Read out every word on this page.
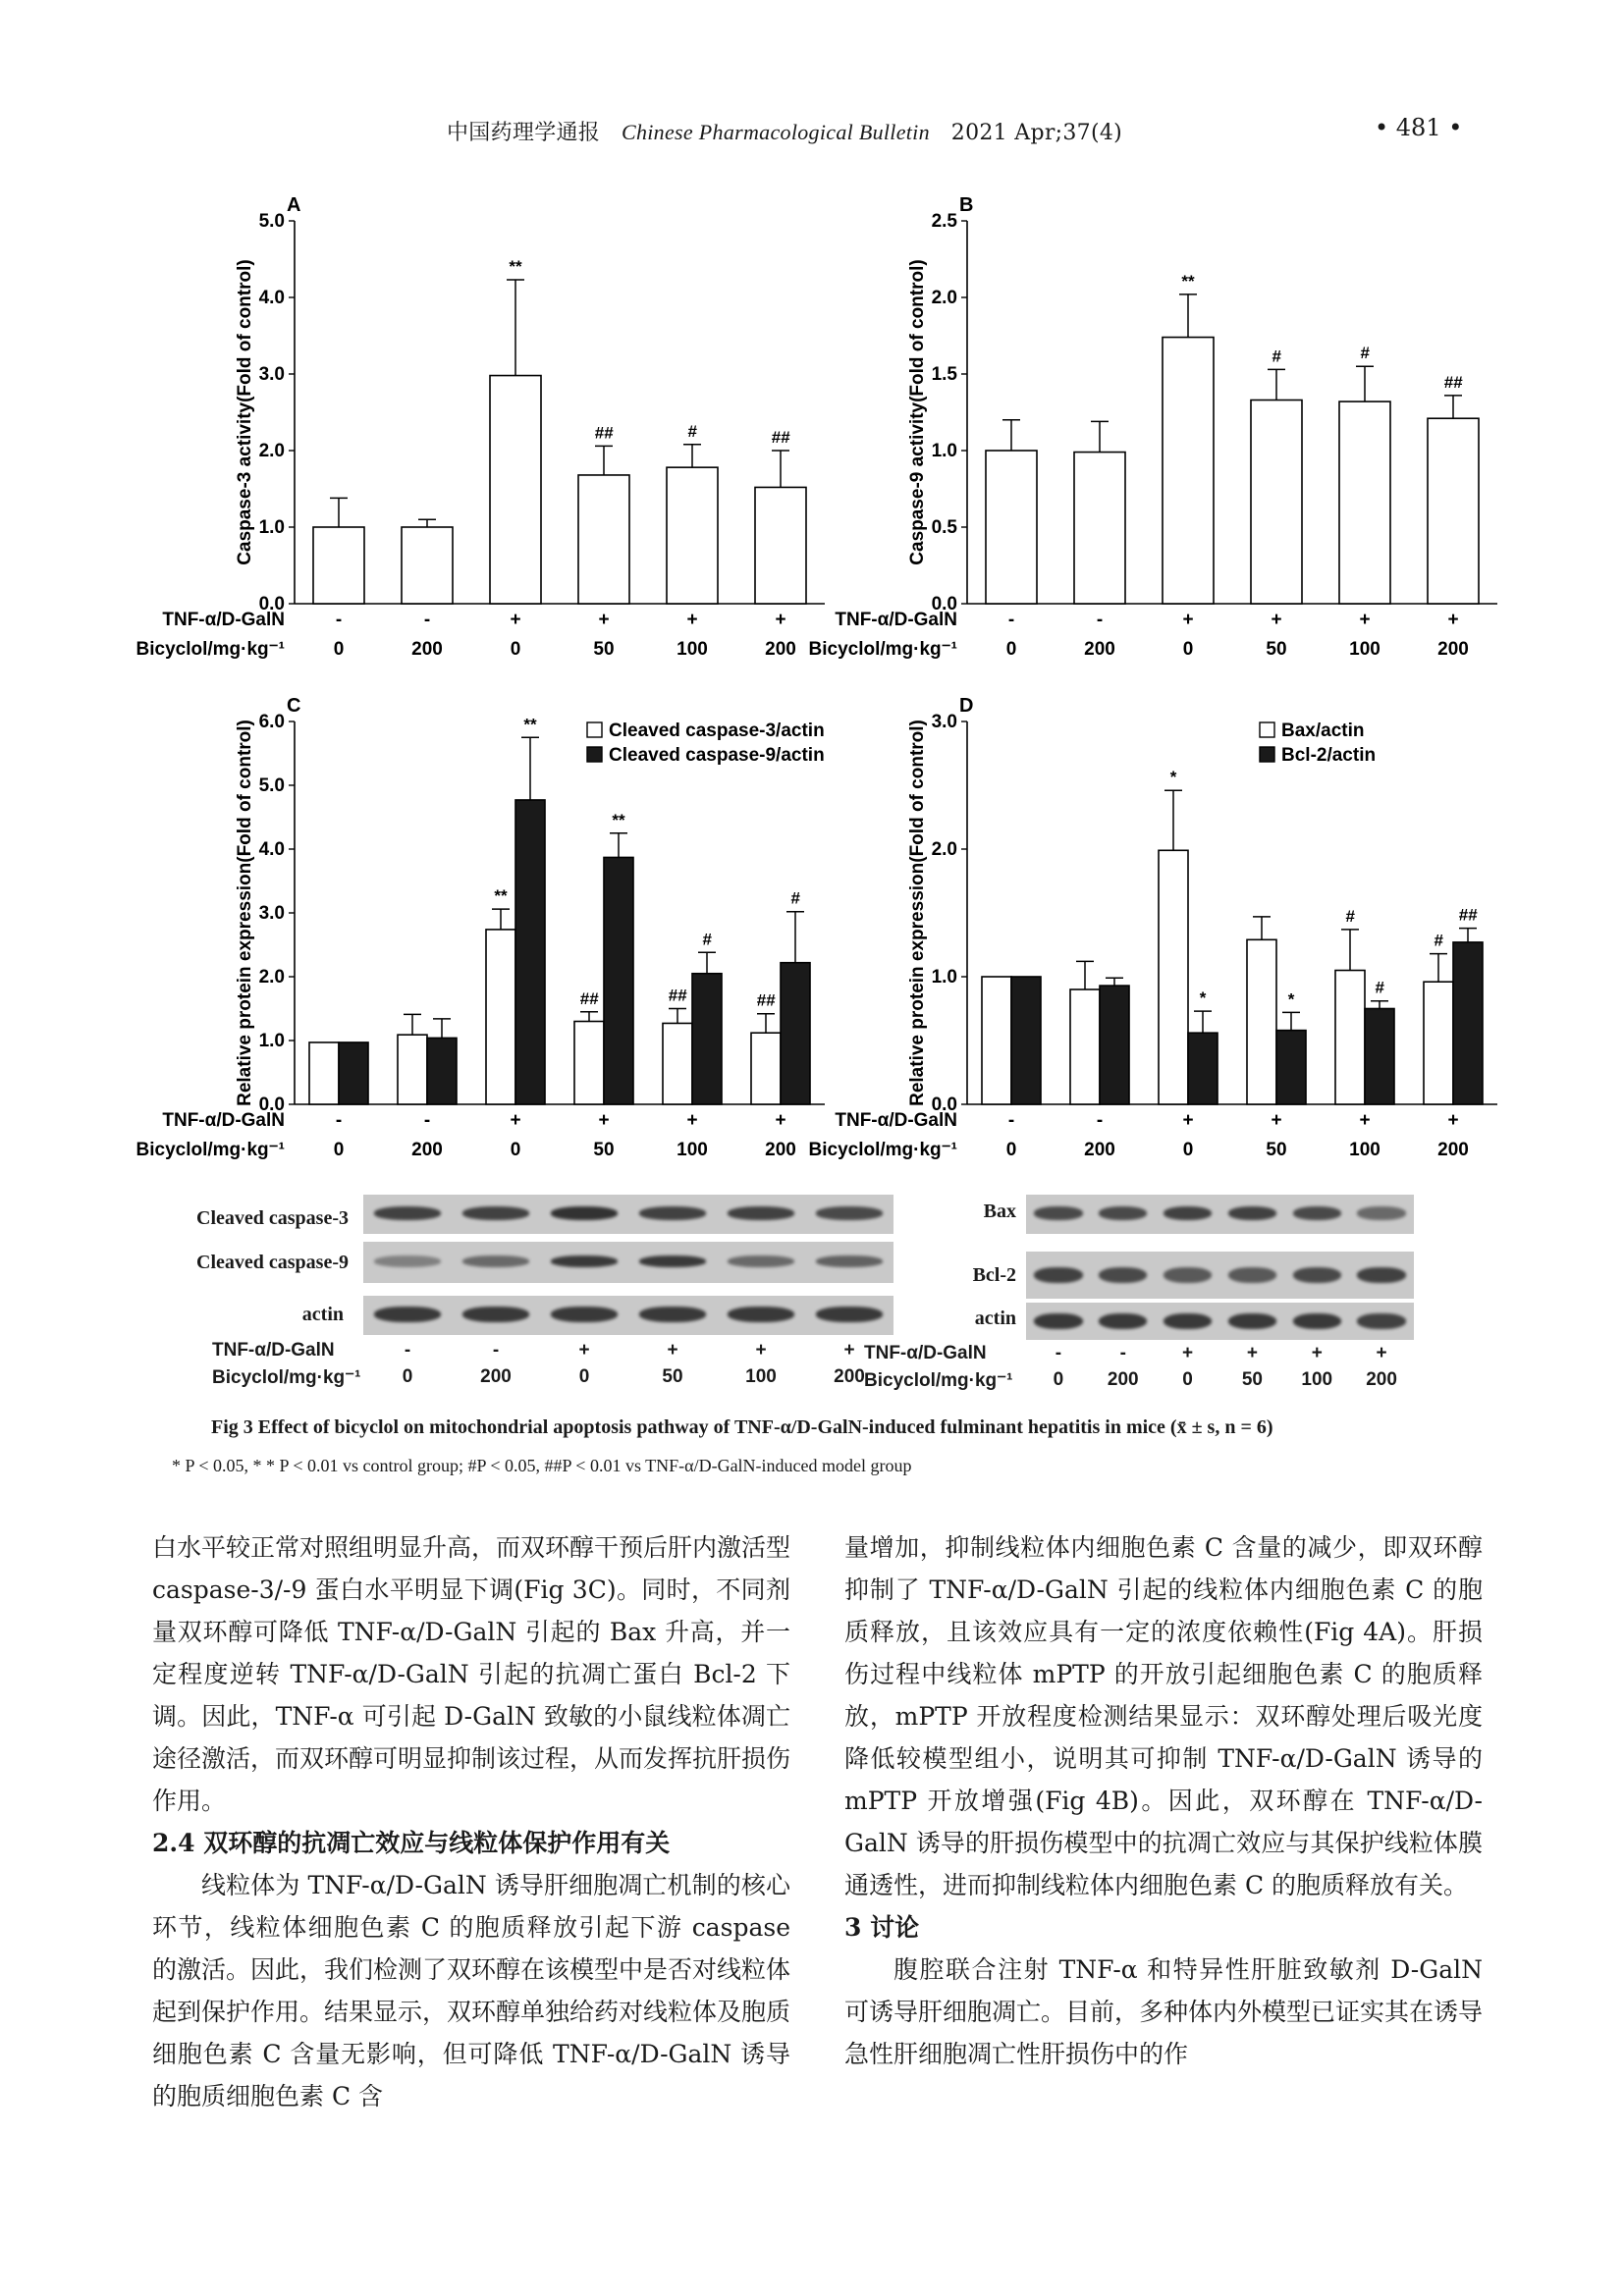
中国药理学通报 Chinese Pharmacological Bulletin 2021 Apr;37(4)	• 481 •
A
0.0
1.0
2.0
3.0
4.0
5.0
Caspase-3 activity(Fold of control)
-
0
-
200
**
+
0
##
+
50
#
+
100
##
+
200
TNF-α/D-GalN
Bicyclol/mg·kg⁻¹
B
0.0
0.5
1.0
1.5
2.0
2.5
Caspase-9 activity(Fold of control)
-
0
-
200
**
+
0
#
+
50
#
+
100
##
+
200
TNF-α/D-GalN
Bicyclol/mg·kg⁻¹
C
0.0
1.0
2.0
3.0
4.0
5.0
6.0
Relative protein expression(Fold of control)
-
0
-
200
**
**
+
0
##
**
+
50
##
#
+
100
##
#
+
200
TNF-α/D-GalN
Bicyclol/mg·kg⁻¹
Cleaved caspase-3/actin
Cleaved caspase-9/actin
D
0.0
1.0
2.0
3.0
Relative protein expression(Fold of control)
-
0
-
200
*
*
+
0
*
+
50
#
#
+
100
#
##
+
200
TNF-α/D-GalN
Bicyclol/mg·kg⁻¹
Bax/actin
Bcl-2/actin
Cleaved caspase-3
Cleaved caspase-9
actin
TNF-α/D-GalN
Bicyclol/mg·kg⁻¹
-
0
-
200
+
0
+
50
+
100
+
200
Bax
Bcl-2
actin
TNF-α/D-GalN
Bicyclol/mg·kg⁻¹
-
0
-
200
+
0
+
50
+
100
+
200
Fig 3 Effect of bicyclol on mitochondrial apoptosis pathway of TNF-α/D-GalN-induced fulminant hepatitis in mice (x̄ ± s, n = 6)
* P < 0.05, * * P < 0.01 vs control group; #P < 0.05, ##P < 0.01 vs TNF-α/D-GalN-induced model group

白水平较正常对照组明显升高，而双环醇干预后肝内激活型 caspase-3/-9 蛋白水平明显下调(Fig 3C)。同时，不同剂量双环醇可降低 TNF-α/D-GalN 引起的 Bax 升高，并一定程度逆转 TNF-α/D-GalN 引起的抗凋亡蛋白 Bcl-2 下调。因此，TNF-α 可引起 D-GalN 致敏的小鼠线粒体凋亡途径激活，而双环醇可明显抑制该过程，从而发挥抗肝损伤作用。

2.4 双环醇的抗凋亡效应与线粒体保护作用有关

线粒体为 TNF-α/D-GalN 诱导肝细胞凋亡机制的核心环节，线粒体细胞色素 C 的胞质释放引起下游 caspase 的激活。因此，我们检测了双环醇在该模型中是否对线粒体起到保护作用。结果显示，双环醇单独给药对线粒体及胞质细胞色素 C 含量无影响，但可降低 TNF-α/D-GalN 诱导的胞质细胞色素 C 含

量增加，抑制线粒体内细胞色素 C 含量的减少，即双环醇抑制了 TNF-α/D-GalN 引起的线粒体内细胞色素 C 的胞质释放，且该效应具有一定的浓度依赖性(Fig 4A)。肝损伤过程中线粒体 mPTP 的开放引起细胞色素 C 的胞质释放，mPTP 开放程度检测结果显示：双环醇处理后吸光度降低较模型组小，说明其可抑制 TNF-α/D-GalN 诱导的 mPTP 开放增强(Fig 4B)。因此，双环醇在 TNF-α/D-GalN 诱导的肝损伤模型中的抗凋亡效应与其保护线粒体膜通透性，进而抑制线粒体内细胞色素 C 的胞质释放有关。

3 讨论

腹腔联合注射 TNF-α 和特异性肝脏致敏剂 D-GalN 可诱导肝细胞凋亡。目前，多种体内外模型已证实其在诱导急性肝细胞凋亡性肝损伤中的作
